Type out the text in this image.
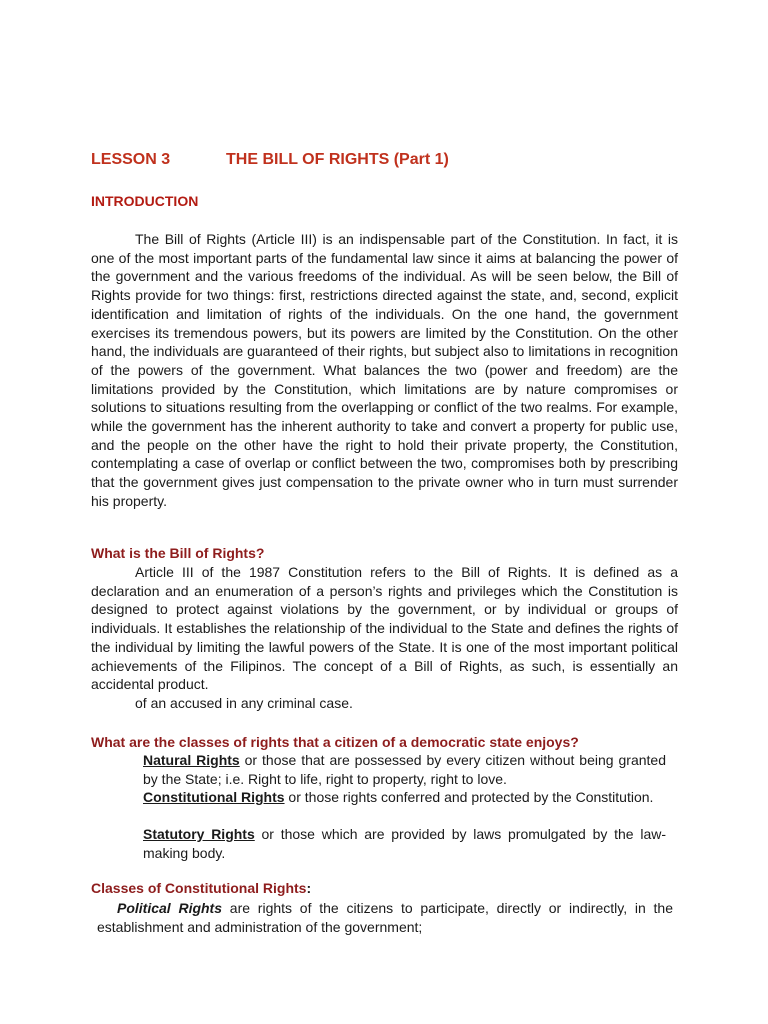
LESSON 3	THE BILL OF RIGHTS (Part 1)
INTRODUCTION

The Bill of Rights (Article III) is an indispensable part of the Constitution. In fact, it is one of the most important parts of the fundamental law since it aims at balancing the power of the government and the various freedoms of the individual. As will be seen below, the Bill of Rights provide for two things: first, restrictions directed against the state, and, second, explicit identification and limitation of rights of the individuals. On the one hand, the government exercises its tremendous powers, but its powers are limited by the Constitution. On the other hand, the individuals are guaranteed of their rights, but subject also to limitations in recognition of the powers of the government. What balances the two (power and freedom) are the limitations provided by the Constitution, which limitations are by nature compromises or solutions to situations resulting from the overlapping or conflict of the two realms. For example, while the government has the inherent authority to take and convert a property for public use, and the people on the other have the right to hold their private property, the Constitution, contemplating a case of overlap or conflict between the two, compromises both by prescribing that the government gives just compensation to the private owner who in turn must surrender his property.

What is the Bill of Rights?

Article III of the 1987 Constitution refers to the Bill of Rights. It is defined as a declaration and an enumeration of a person’s rights and privileges which the Constitution is designed to protect against violations by the government, or by individual or groups of individuals. It establishes the relationship of the individual to the State and defines the rights of the individual by limiting the lawful powers of the State. It is one of the most important political achievements of the Filipinos. The concept of a Bill of Rights, as such, is essentially an accidental product.

of an accused in any criminal case.
What are the classes of rights that a citizen of a democratic state enjoys?

Natural Rights or those that are possessed by every citizen without being granted by the State; i.e. Right to life, right to property, right to love.

Constitutional Rights or those rights conferred and protected by the Constitution.

Statutory Rights or those which are provided by laws promulgated by the law-making body.

Classes of Constitutional Rights:

Political Rights are rights of the citizens to participate, directly or indirectly, in the establishment and administration of the government;
